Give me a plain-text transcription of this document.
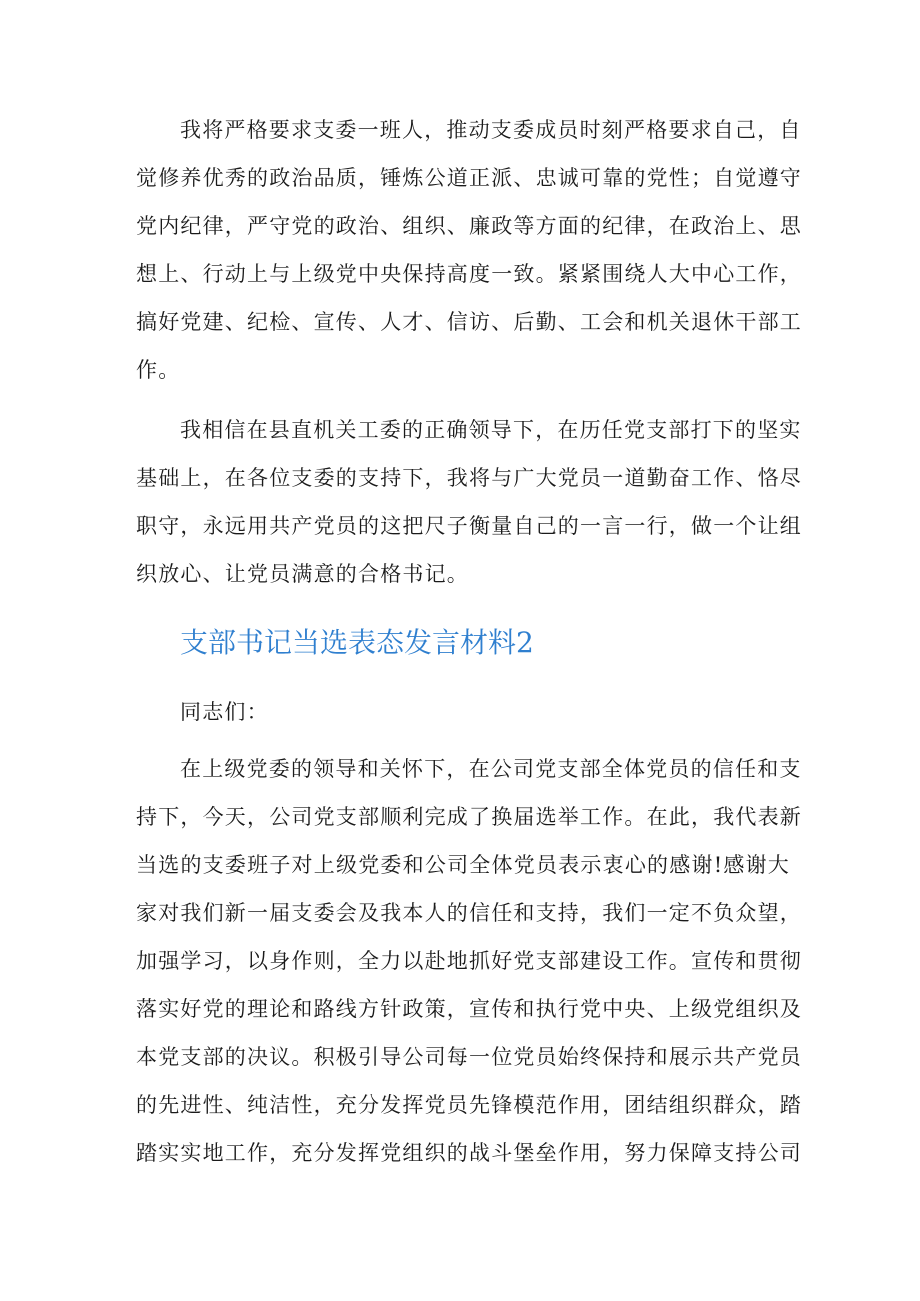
我将严格要求支委一班人，推动支委成员时刻严格要求自己，自
觉修养优秀的政治品质，锤炼公道正派、忠诚可靠的党性；自觉遵守
党内纪律，严守党的政治、组织、廉政等方面的纪律，在政治上、思
想上、行动上与上级党中央保持高度一致。紧紧围绕人大中心工作，
搞好党建、纪检、宣传、人才、信访、后勤、工会和机关退休干部工
作。
我相信在县直机关工委的正确领导下，在历任党支部打下的坚实
基础上，在各位支委的支持下，我将与广大党员一道勤奋工作、恪尽
职守，永远用共产党员的这把尺子衡量自己的一言一行，做一个让组
织放心、让党员满意的合格书记。
支部书记当选表态发言材料2
同志们：
在上级党委的领导和关怀下，在公司党支部全体党员的信任和支
持下，今天，公司党支部顺利完成了换届选举工作。在此，我代表新
当选的支委班子对上级党委和公司全体党员表示衷心的感谢!感谢大
家对我们新一届支委会及我本人的信任和支持，我们一定不负众望，
加强学习，以身作则，全力以赴地抓好党支部建设工作。宣传和贯彻
落实好党的理论和路线方针政策，宣传和执行党中央、上级党组织及
本党支部的决议。积极引导公司每一位党员始终保持和展示共产党员
的先进性、纯洁性，充分发挥党员先锋模范作用，团结组织群众，踏
踏实实地工作，充分发挥党组织的战斗堡垒作用，努力保障支持公司
